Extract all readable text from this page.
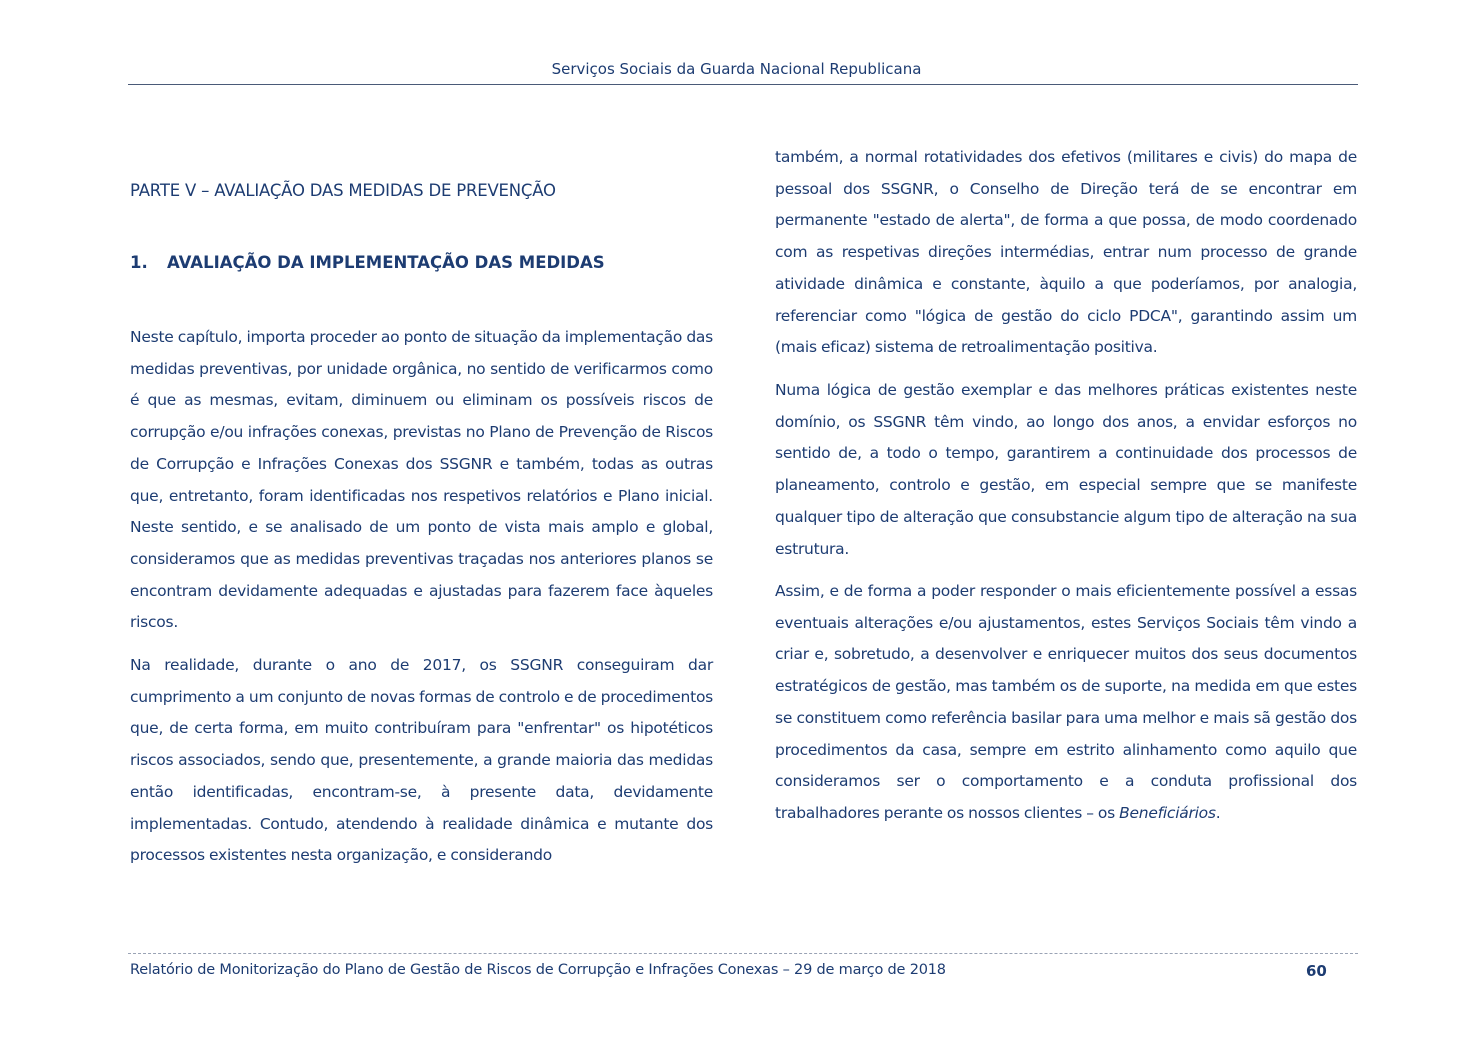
Serviços Sociais da Guarda Nacional Republicana
PARTE V – AVALIAÇÃO DAS MEDIDAS DE PREVENÇÃO
1. AVALIAÇÃO DA IMPLEMENTAÇÃO DAS MEDIDAS

Neste capítulo, importa proceder ao ponto de situação da implementação das medidas preventivas, por unidade orgânica, no sentido de verificarmos como é que as mesmas, evitam, diminuem ou eliminam os possíveis riscos de corrupção e/ou infrações conexas, previstas no Plano de Prevenção de Riscos de Corrupção e Infrações Conexas dos SSGNR e também, todas as outras que, entretanto, foram identificadas nos respetivos relatórios e Plano inicial. Neste sentido, e se analisado de um ponto de vista mais amplo e global, consideramos que as medidas preventivas traçadas nos anteriores planos se encontram devidamente adequadas e ajustadas para fazerem face àqueles riscos.

Na realidade, durante o ano de 2017, os SSGNR conseguiram dar cumprimento a um conjunto de novas formas de controlo e de procedimentos que, de certa forma, em muito contribuíram para "enfrentar" os hipotéticos riscos associados, sendo que, presentemente, a grande maioria das medidas então identificadas, encontram-se, à presente data, devidamente implementadas. Contudo, atendendo à realidade dinâmica e mutante dos processos existentes nesta organização, e considerando

também, a normal rotatividades dos efetivos (militares e civis) do mapa de pessoal dos SSGNR, o Conselho de Direção terá de se encontrar em permanente "estado de alerta", de forma a que possa, de modo coordenado com as respetivas direções intermédias, entrar num processo de grande atividade dinâmica e constante, àquilo a que poderíamos, por analogia, referenciar como "lógica de gestão do ciclo PDCA", garantindo assim um (mais eficaz) sistema de retroalimentação positiva.

Numa lógica de gestão exemplar e das melhores práticas existentes neste domínio, os SSGNR têm vindo, ao longo dos anos, a envidar esforços no sentido de, a todo o tempo, garantirem a continuidade dos processos de planeamento, controlo e gestão, em especial sempre que se manifeste qualquer tipo de alteração que consubstancie algum tipo de alteração na sua estrutura.

Assim, e de forma a poder responder o mais eficientemente possível a essas eventuais alterações e/ou ajustamentos, estes Serviços Sociais têm vindo a criar e, sobretudo, a desenvolver e enriquecer muitos dos seus documentos estratégicos de gestão, mas também os de suporte, na medida em que estes se constituem como referência basilar para uma melhor e mais sã gestão dos procedimentos da casa, sempre em estrito alinhamento como aquilo que consideramos ser o comportamento e a conduta profissional dos trabalhadores perante os nossos clientes – os Beneficiários.

Relatório de Monitorização do Plano de Gestão de Riscos de Corrupção e Infrações Conexas – 29 de março de 2018	60
